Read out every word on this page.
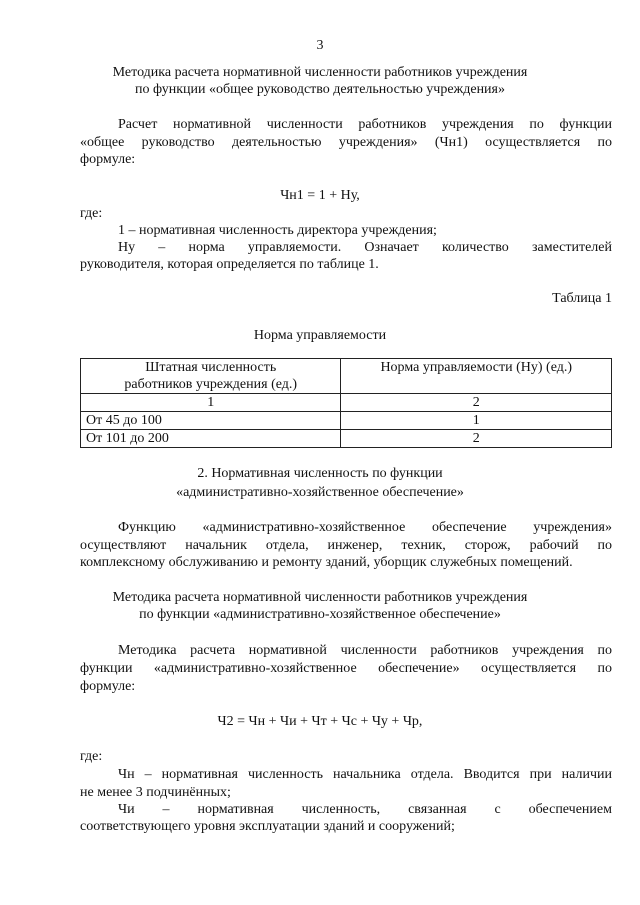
3

Методика расчета нормативной численности работников учреждения

по функции «общее руководство деятельностью учреждения»

Расчет нормативной численности работников учреждения по функции

«общее руководство деятельностью учреждения» (Чн1) осуществляется по

формуле:

Чн1 = 1 + Ну,

где:

1 – нормативная численность директора учреждения;

Ну – норма управляемости. Означает количество заместителей

руководителя, которая определяется по таблице 1.

Таблица 1

Норма управляемости

Штатная численность
работников учреждения (ед.)	Норма управляемости (Ну) (ед.)
1	2
От 45 до 100	1
От 101 до 200	2

2. Нормативная численность по функции

«административно-хозяйственное обеспечение»

Функцию «административно-хозяйственное обеспечение учреждения»

осуществляют начальник отдела, инженер, техник, сторож, рабочий по

комплексному обслуживанию и ремонту зданий, уборщик служебных помещений.

Методика расчета нормативной численности работников учреждения

по функции «административно-хозяйственное обеспечение»

Методика расчета нормативной численности работников учреждения по

функции «административно-хозяйственное обеспечение» осуществляется по

формуле:

Ч2 = Чн + Чи + Чт + Чс + Чу + Чр,

где:

Чн – нормативная численность начальника отдела. Вводится при наличии

не менее 3 подчинённых;

Чи – нормативная численность, связанная с обеспечением

соответствующего уровня эксплуатации зданий и сооружений;
